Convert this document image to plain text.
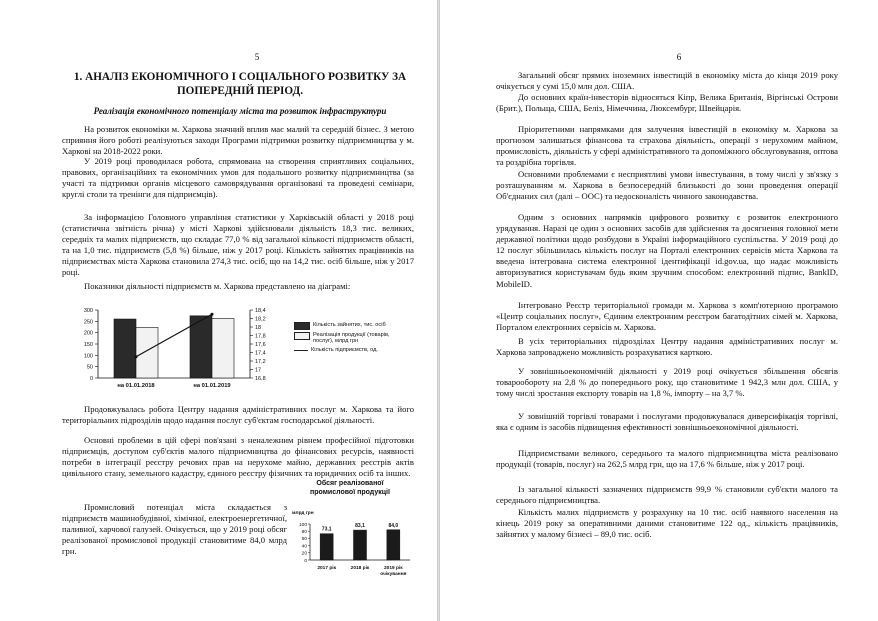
5
1. АНАЛІЗ ЕКОНОМІЧНОГО І СОЦІАЛЬНОГО РОЗВИТКУ ЗА ПОПЕРЕДНІЙ ПЕРІОД.
Реалізація економічного потенціалу міста та розвиток інфраструктури
На розвиток економіки м. Харкова значний вплив має малий та середній бізнес. З метою сприяння його роботі реалізуються заходи Програми підтримки розвитку підприємництва у м. Харкові на 2018-2022 роки.
У 2019 році проводилася робота, спрямована на створення сприятливих соціальних, правових, організаційних та економічних умов для подальшого розвитку підприємництва (за участі та підтримки органів місцевого самоврядування організовані та проведені семінари, круглі столи та тренінги для підприємців).
За інформацією Головного управління статистики у Харківській області у 2018 році (статистична звітність річна) у місті Харкові здійснювали діяльність 18,3 тис. великих, середніх та малих підприємств, що складає 77,0 % від загальної кількості підприємств області, та на 1,0 тис. підприємств (5,8 %) більше, ніж у 2017 році. Кількість зайнятих працівників на підприємствах міста Харкова становила 274,3 тис. осіб, що на 14,2 тис. осіб більше, ніж у 2017 році.
Показники діяльності підприємств м. Харкова представлено на діаграмі:
0
50
100
150
200
250
300
16,8
17
17,2
17,4
17,6
17,8
18
18,2
18,4
на 01.01.2018	на 01.01.2019
Кількість зайнятих, тис. осіб
Реалізація продукції (товарів, послуг), млрд грн
Кількість підприємств, од.
Продовжувалась робота Центру надання адміністративних послуг м. Харкова та його територіальних підрозділів щодо надання послуг суб'єктам господарської діяльності.
Основні проблеми в цій сфері пов'язані з неналежним рівнем професійної підготовки підприємців, доступом суб'єктів малого підприємництва до фінансових ресурсів, наявності потреби в інтеграції реєстру речових прав на нерухоме майно, державних реєстрів актів цивільного стану, земельного кадастру, єдиного реєстру фізичних та юридичних осіб та інших.
Промисловий потенціал міста складається з підприємств машинобудівної, хімічної, електроенергетичної, паливної, харчової галузей. Очікується, що у 2019 році обсяг реалізованої промислової продукції становитиме 84,0 млрд грн.
Обсяг реалізованої промислової продукції
млрд грн
0
20
40
60
80
100
73,1
2017 рік
83,1
2018 рік
84,0
2019 рік
очікування
6
Загальний обсяг прямих іноземних інвестицій в економіку міста до кінця 2019 року очікується у сумі 15,0 млн дол. США.
До основних країн-інвесторів відносяться Кіпр, Велика Британія, Віргінські Острови (Брит.), Польща, США, Беліз, Німеччина, Люксембург, Швейцарія.
Пріоритетними напрямками для залучення інвестицій в економіку м. Харкова за прогнозом залишаться фінансова та страхова діяльність, операції з нерухомим майном, промисловість, діяльність у сфері адміністративного та допоміжного обслуговування, оптова та роздрібна торгівля.
Основними проблемами є несприятливі умови інвестування, в тому числі у зв'язку з розташуванням м. Харкова в безпосередній близькості до зони проведення операції Об'єднаних сил (далі – ООС) та недосконалість чинного законодавства.
Одним з основних напрямків цифрового розвитку є розвиток електронного урядування. Наразі це один з основних засобів для здійснення та досягнення головної мети державної політики щодо розбудови в Україні інформаційного суспільства. У 2019 році до 12 послуг збільшилась кількість послуг на Порталі електронних сервісів міста Харкова та введена інтегрована система електронної ідентифікації id.gov.ua, що надає можливість авторизуватися користувачам будь яким зручним способом: електронний підпис, BankID, MobileID.
Інтегровано Реєстр територіальної громади м. Харкова з комп'ютерною програмою «Центр соціальних послуг», Єдиним електронним реєстром багатодітних сімей м. Харкова, Порталом електронних сервісів м. Харкова.
В усіх територіальних підрозділах Центру надання адміністративних послуг м. Харкова запроваджено можливість розрахуватися карткою.
У зовнішньоекономічній діяльності у 2019 році очікується збільшення обсягів товарообороту на 2,8 % до попереднього року, що становитиме 1 942,3 млн дол. США, у тому числі зростання експорту товарів на 1,8 %, імпорту – на 3,7 %.
У зовнішній торгівлі товарами і послугами продовжувалася диверсифікація торгівлі, яка є одним із засобів підвищення ефективності зовнішньоекономічної діяльності.
Підприємствами великого, середнього та малого підприємництва міста реалізовано продукції (товарів, послуг) на 262,5 млрд грн, що на 17,6 % більше, ніж у 2017 році.
Із загальної кількості зазначених підприємств 99,9 % становили суб'єкти малого та середнього підприємництва.
Кількість малих підприємств у розрахунку на 10 тис. осіб наявного населення на кінець 2019 року за оперативними даними становитиме 122 од., кількість працівників, зайнятих у малому бізнесі – 89,0 тис. осіб.
